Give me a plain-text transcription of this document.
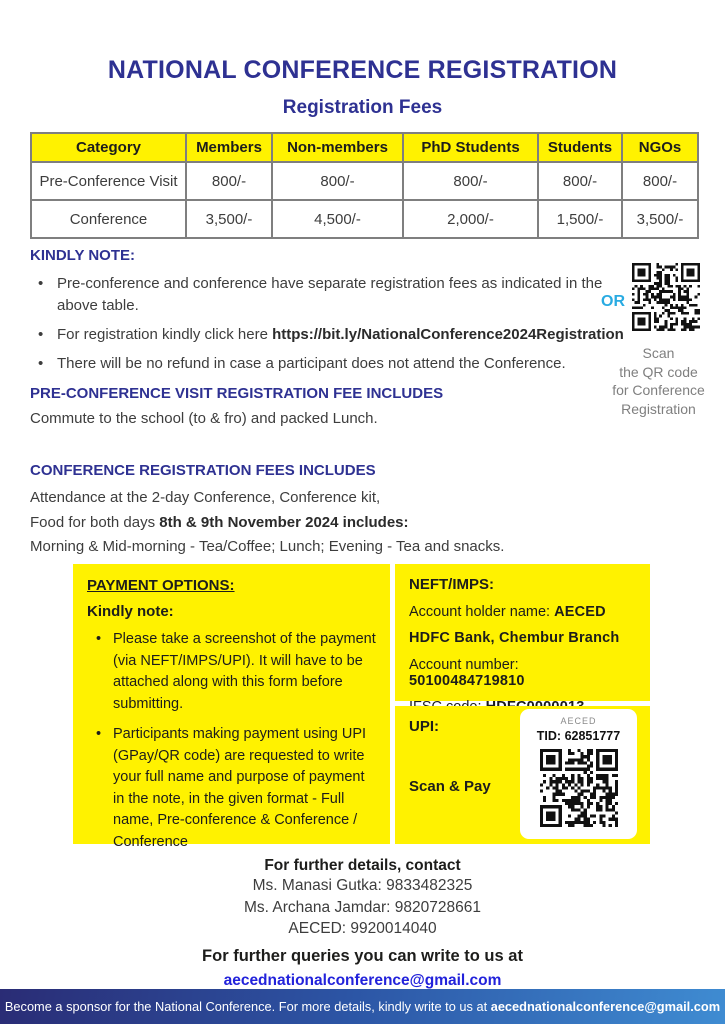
NATIONAL CONFERENCE REGISTRATION
Registration Fees
Category	Members	Non-members	PhD Students	Students	NGOs
Pre-Conference Visit	800/-	800/-	800/-	800/-	800/-
Conference	3,500/-	4,500/-	2,000/-	1,500/-	3,500/-
KINDLY NOTE:
• Pre-conference and conference have separate registration fees as indicated in the above table.
• For registration kindly click here https://bit.ly/NationalConference2024Registration
• There will be no refund in case a participant does not attend the Conference.
OR
Scan
the QR code
for Conference
Registration
PRE-CONFERENCE VISIT REGISTRATION FEE INCLUDES
Commute to the school (to & fro) and packed Lunch.
CONFERENCE REGISTRATION FEES INCLUDES
Attendance at the 2-day Conference, Conference kit,
Food for both days 8th & 9th November 2024 includes:
Morning & Mid-morning - Tea/Coffee; Lunch; Evening - Tea and snacks.
PAYMENT OPTIONS:
Kindly note:
• Please take a screenshot of the payment (via NEFT/IMPS/UPI). It will have to be attached along with this form before submitting.
• Participants making payment using UPI (GPay/QR code) are requested to write your full name and purpose of payment in the note, in the given format - Full name, Pre-conference & Conference / Conference
NEFT/IMPS:
Account holder name: AECED
HDFC Bank, Chembur Branch
Account number: 50100484719810
UPI:
Scan & Pay
AECED
TID: 62851777
For further details, contact
Ms. Manasi Gutka: 9833482325
Ms. Archana Jamdar: 9820728661
AECED: 9920014040
For further queries you can write to us at
aecednationalconference@gmail.com
Become a sponsor for the National Conference. For more details, kindly write to us at aecednationalconference@gmail.com
